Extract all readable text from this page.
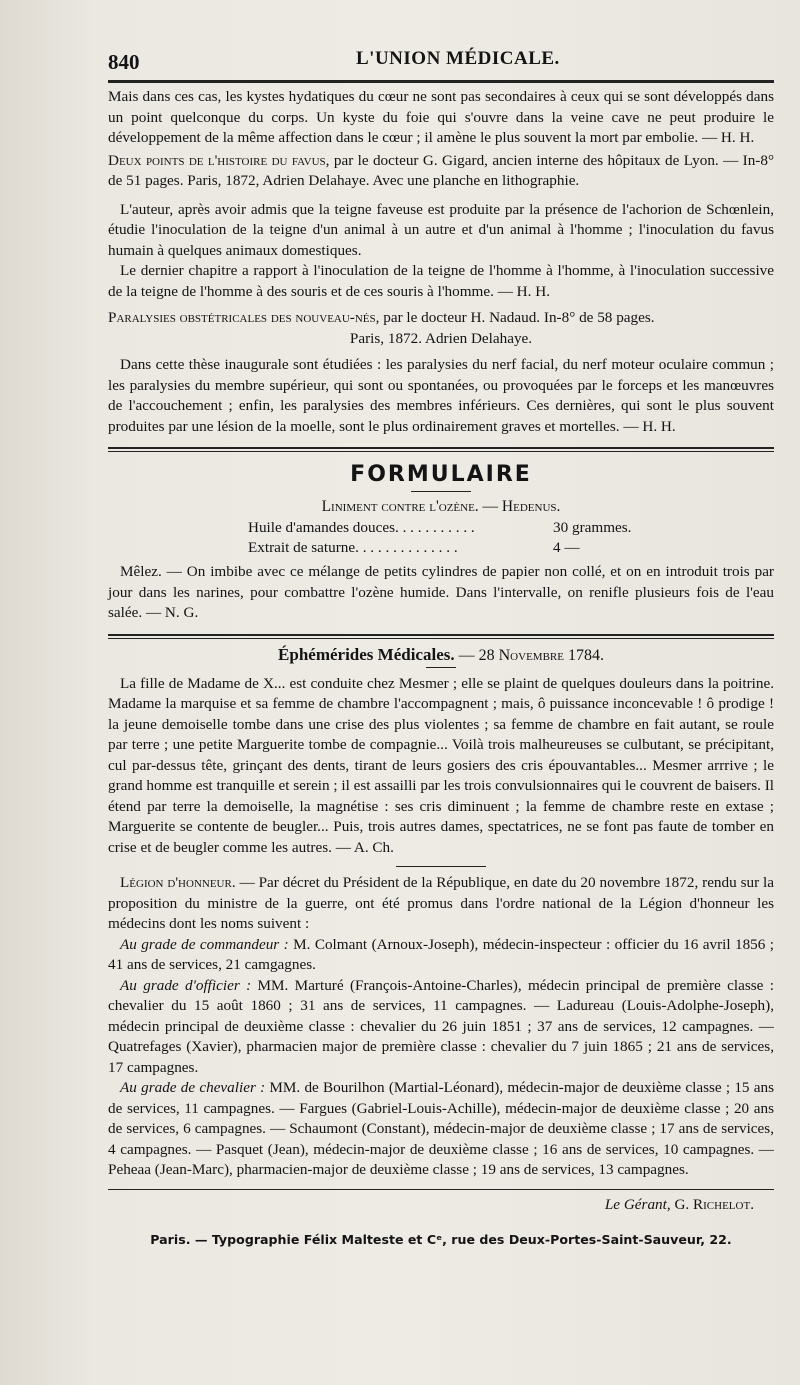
840	L'UNION MÉDICALE.

Mais dans ces cas, les kystes hydatiques du cœur ne sont pas secondaires à ceux qui se sont développés dans un point quelconque du corps. Un kyste du foie qui s'ouvre dans la veine cave ne peut produire le développement de la même affection dans le cœur ; il amène le plus souvent la mort par embolie. — H. H.

Deux points de l'histoire du favus, par le docteur G. Gigard, ancien interne des hôpitaux de Lyon. — In-8° de 51 pages. Paris, 1872, Adrien Delahaye. Avec une planche en lithographie.

L'auteur, après avoir admis que la teigne faveuse est produite par la présence de l'achorion de Schœnlein, étudie l'inoculation de la teigne d'un animal à un autre et d'un animal à l'homme ; l'inoculation du favus humain à quelques animaux domestiques.

Le dernier chapitre a rapport à l'inoculation de la teigne de l'homme à l'homme, à l'inoculation successive de la teigne de l'homme à des souris et de ces souris à l'homme. — H. H.

Paralysies obstétricales des nouveau-nés, par le docteur H. Nadaud. In-8° de 58 pages.

Paris, 1872. Adrien Delahaye.

Dans cette thèse inaugurale sont étudiées : les paralysies du nerf facial, du nerf moteur oculaire commun ; les paralysies du membre supérieur, qui sont ou spontanées, ou provoquées par le forceps et les manœuvres de l'accouchement ; enfin, les paralysies des membres inférieurs. Ces dernières, qui sont le plus souvent produites par une lésion de la moelle, sont le plus ordinairement graves et mortelles. — H. H.

FORMULAIRE
Liniment contre l'ozène. — Hedenus.
Huile d'amandes douces. . . . . . . . . . .	30 grammes.
Extrait de saturne. . . . . . . . . . . . . .	4 —

Mêlez. — On imbibe avec ce mélange de petits cylindres de papier non collé, et on en introduit trois par jour dans les narines, pour combattre l'ozène humide. Dans l'intervalle, on renifle plusieurs fois de l'eau salée. — N. G.

Éphémérides Médicales. — 28 Novembre 1784.

La fille de Madame de X... est conduite chez Mesmer ; elle se plaint de quelques douleurs dans la poitrine. Madame la marquise et sa femme de chambre l'accompagnent ; mais, ô puissance inconcevable ! ô prodige ! la jeune demoiselle tombe dans une crise des plus violentes ; sa femme de chambre en fait autant, se roule par terre ; une petite Marguerite tombe de compagnie... Voilà trois malheureuses se culbutant, se précipitant, cul par-dessus tête, grinçant des dents, tirant de leurs gosiers des cris épouvantables... Mesmer arrrive ; le grand homme est tranquille et serein ; il est assailli par les trois convulsionnaires qui le couvrent de baisers. Il étend par terre la demoiselle, la magnétise : ses cris diminuent ; la femme de chambre reste en extase ; Marguerite se contente de beugler... Puis, trois autres dames, spectatrices, ne se font pas faute de tomber en crise et de beugler comme les autres. — A. Ch.

Légion d'honneur. — Par décret du Président de la République, en date du 20 novembre 1872, rendu sur la proposition du ministre de la guerre, ont été promus dans l'ordre national de la Légion d'honneur les médecins dont les noms suivent :

Au grade de commandeur : M. Colmant (Arnoux-Joseph), médecin-inspecteur : officier du 16 avril 1856 ; 41 ans de services, 21 camgagnes.

Au grade d'officier : MM. Marturé (François-Antoine-Charles), médecin principal de première classe : chevalier du 15 août 1860 ; 31 ans de services, 11 campagnes. — Ladureau (Louis-Adolphe-Joseph), médecin principal de deuxième classe : chevalier du 26 juin 1851 ; 37 ans de services, 12 campagnes. — Quatrefages (Xavier), pharmacien major de première classe : chevalier du 7 juin 1865 ; 21 ans de services, 17 campagnes.

Au grade de chevalier : MM. de Bourilhon (Martial-Léonard), médecin-major de deuxième classe ; 15 ans de services, 11 campagnes. — Fargues (Gabriel-Louis-Achille), médecin-major de deuxième classe ; 20 ans de services, 6 campagnes. — Schaumont (Constant), médecin-major de deuxième classe ; 17 ans de services, 4 campagnes. — Pasquet (Jean), médecin-major de deuxième classe ; 16 ans de services, 10 campagnes. — Peheaa (Jean-Marc), pharmacien-major de deuxième classe ; 19 ans de services, 13 campagnes.

Le Gérant, G. Richelot.
Paris. — Typographie Félix Malteste et Cᵉ, rue des Deux-Portes-Saint-Sauveur, 22.
